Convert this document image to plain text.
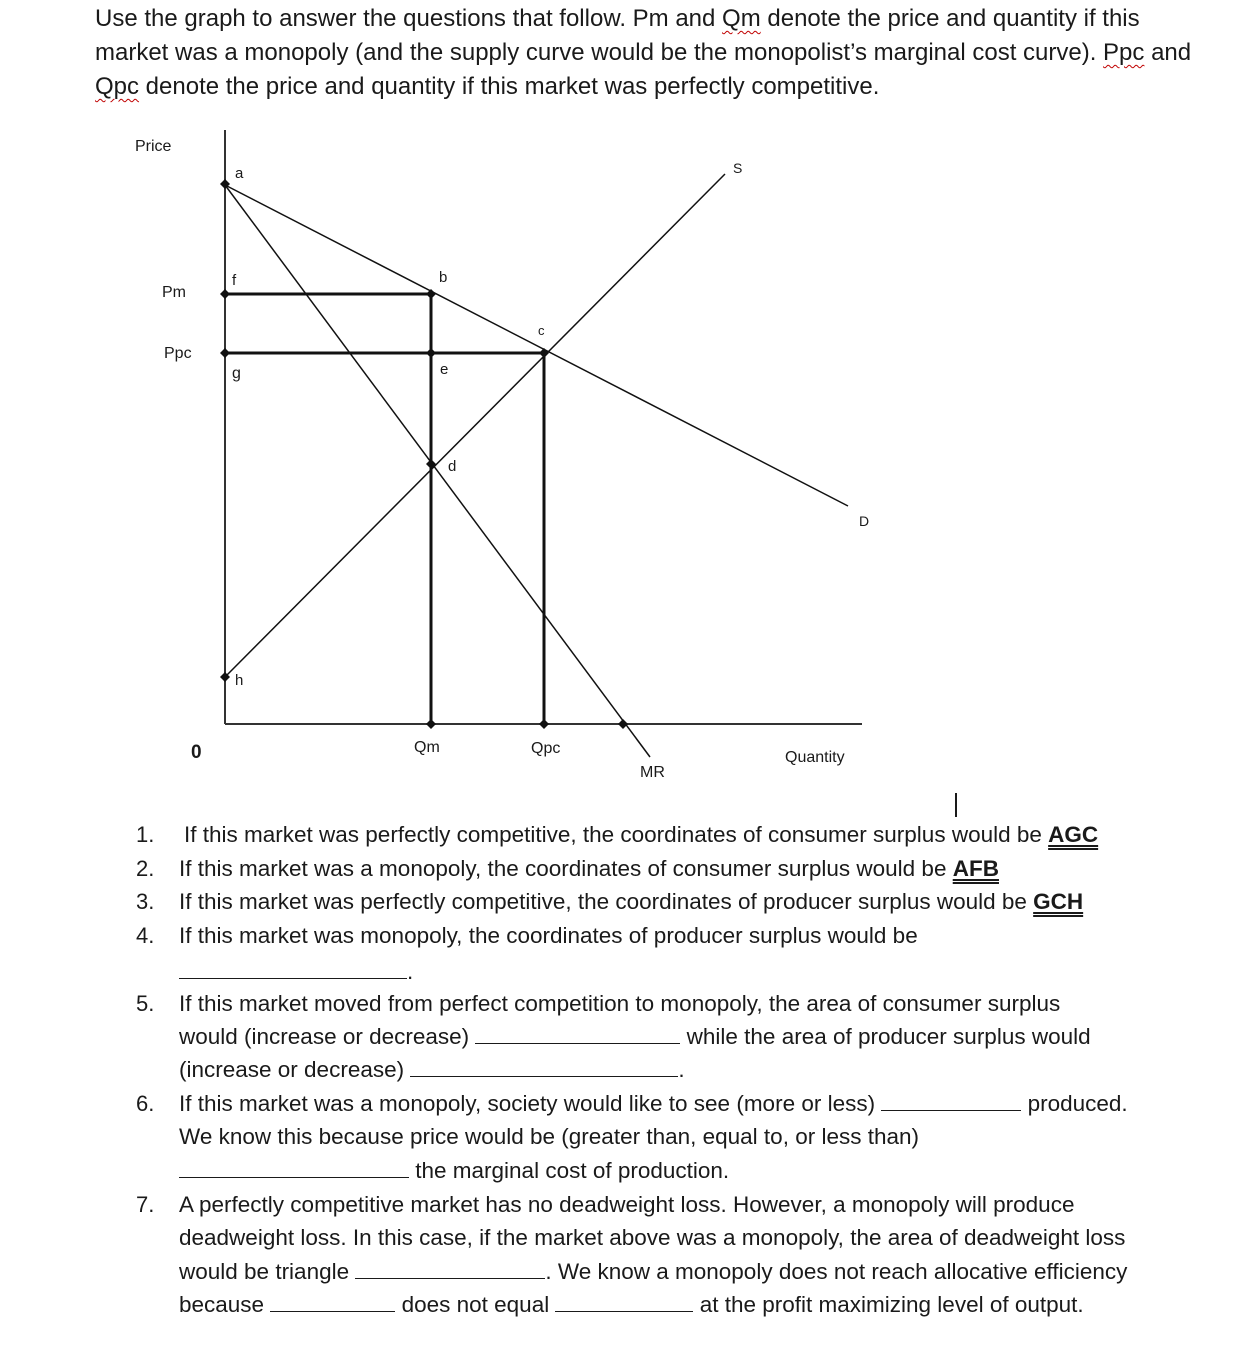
Use the graph to answer the questions that follow. Pm and Qm denote the price and quantity if this market was a monopoly (and the supply curve would be the monopolist’s marginal cost curve). Ppc and Qpc denote the price and quantity if this market was perfectly competitive.

Price
Pm
Ppc
0	Qm	Qpc
MR
Quantity
S
D
a
f
g
h
b
c
e
d
1. If this market was perfectly competitive, the coordinates of consumer surplus would be AGC
2. If this market was a monopoly, the coordinates of consumer surplus would be AFB
3. If this market was perfectly competitive, the coordinates of producer surplus would be GCH
4. If this market was monopoly, the coordinates of producer surplus would be
.
5. If this market moved from perfect competition to monopoly, the area of consumer surplus
would (increase or decrease)	while the area of producer surplus would
(increase or decrease)	.
6. If this market was a monopoly, society would like to see (more or less)	produced.
We know this because price would be (greater than, equal to, or less than)
the marginal cost of production.
7. A perfectly competitive market has no deadweight loss. However, a monopoly will produce
deadweight loss. In this case, if the market above was a monopoly, the area of deadweight loss
would be triangle	. We know a monopoly does not reach allocative efficiency
because	does not equal	at the profit maximizing level of output.
